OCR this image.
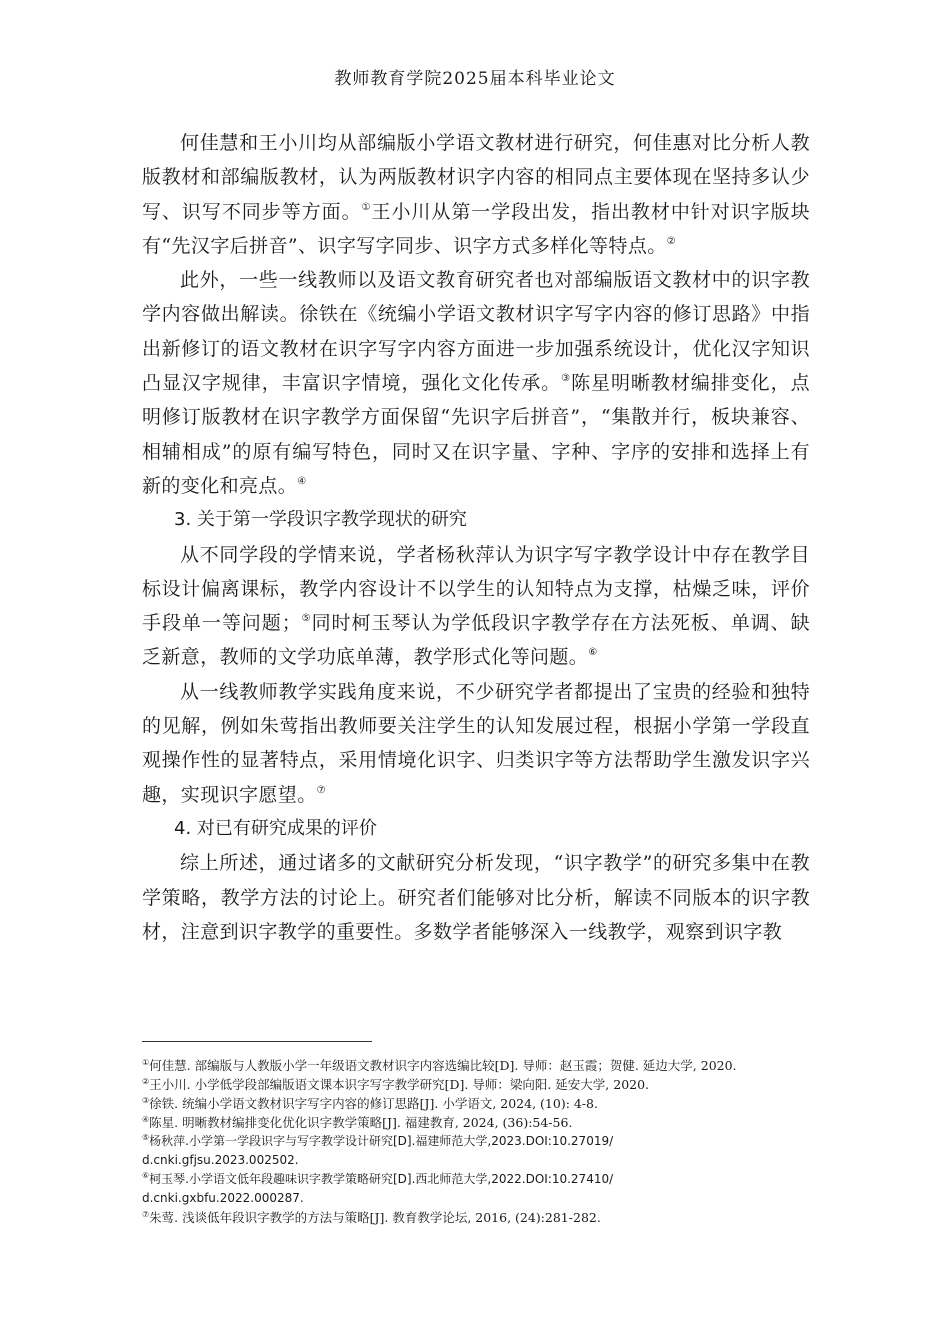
教师教育学院2025届本科毕业论文

何佳慧和王小川均从部编版小学语文教材进行研究，何佳惠对比分析人教版教材和部编版教材，认为两版教材识字内容的相同点主要体现在坚持多认少写、识写不同步等方面。①王小川从第一学段出发，指出教材中针对识字版块有“先汉字后拼音”、识字写字同步、识字方式多样化等特点。②

此外，一些一线教师以及语文教育研究者也对部编版语文教材中的识字教学内容做出解读。徐铁在《统编小学语文教材识字写字内容的修订思路》中指出新修订的语文教材在识字写字内容方面进一步加强系统设计，优化汉字知识凸显汉字规律，丰富识字情境，强化文化传承。③陈星明晰教材编排变化，点明修订版教材在识字教学方面保留“先识字后拼音”，“集散并行，板块兼容、相辅相成”的原有编写特色，同时又在识字量、字种、字序的安排和选择上有新的变化和亮点。④

3. 关于第一学段识字教学现状的研究

从不同学段的学情来说，学者杨秋萍认为识字写字教学设计中存在教学目标设计偏离课标，教学内容设计不以学生的认知特点为支撑，枯燥乏味，评价手段单一等问题；⑤同时柯玉琴认为学低段识字教学存在方法死板、单调、缺乏新意，教师的文学功底单薄，教学形式化等问题。⑥

从一线教师教学实践角度来说，不少研究学者都提出了宝贵的经验和独特的见解，例如朱莺指出教师要关注学生的认知发展过程，根据小学第一学段直观操作性的显著特点，采用情境化识字、归类识字等方法帮助学生激发识字兴趣，实现识字愿望。⑦

4. 对已有研究成果的评价

综上所述，通过诸多的文献研究分析发现，“识字教学”的研究多集中在教学策略，教学方法的讨论上。研究者们能够对比分析，解读不同版本的识字教材，注意到识字教学的重要性。多数学者能够深入一线教学，观察到识字教

①何佳慧. 部编版与人教版小学一年级语文教材识字内容选编比较[D]. 导师：赵玉霞；贺健. 延边大学, 2020.

②王小川. 小学低学段部编版语文课本识字写字教学研究[D]. 导师：梁向阳. 延安大学, 2020.

③徐铁. 统编小学语文教材识字写字内容的修订思路[J]. 小学语文, 2024, (10): 4-8.

④陈星. 明晰教材编排变化优化识字教学策略[J]. 福建教育, 2024, (36):54-56.

⑤杨秋萍.小学第一学段识字与写字教学设计研究[D].福建师范大学,2023.DOI:10.27019/

d.cnki.gfjsu.2023.002502.

⑥柯玉琴.小学语文低年段趣味识字教学策略研究[D].西北师范大学,2022.DOI:10.27410/

d.cnki.gxbfu.2022.000287.

⑦朱莺. 浅谈低年段识字教学的方法与策略[J]. 教育教学论坛, 2016, (24):281-282.
